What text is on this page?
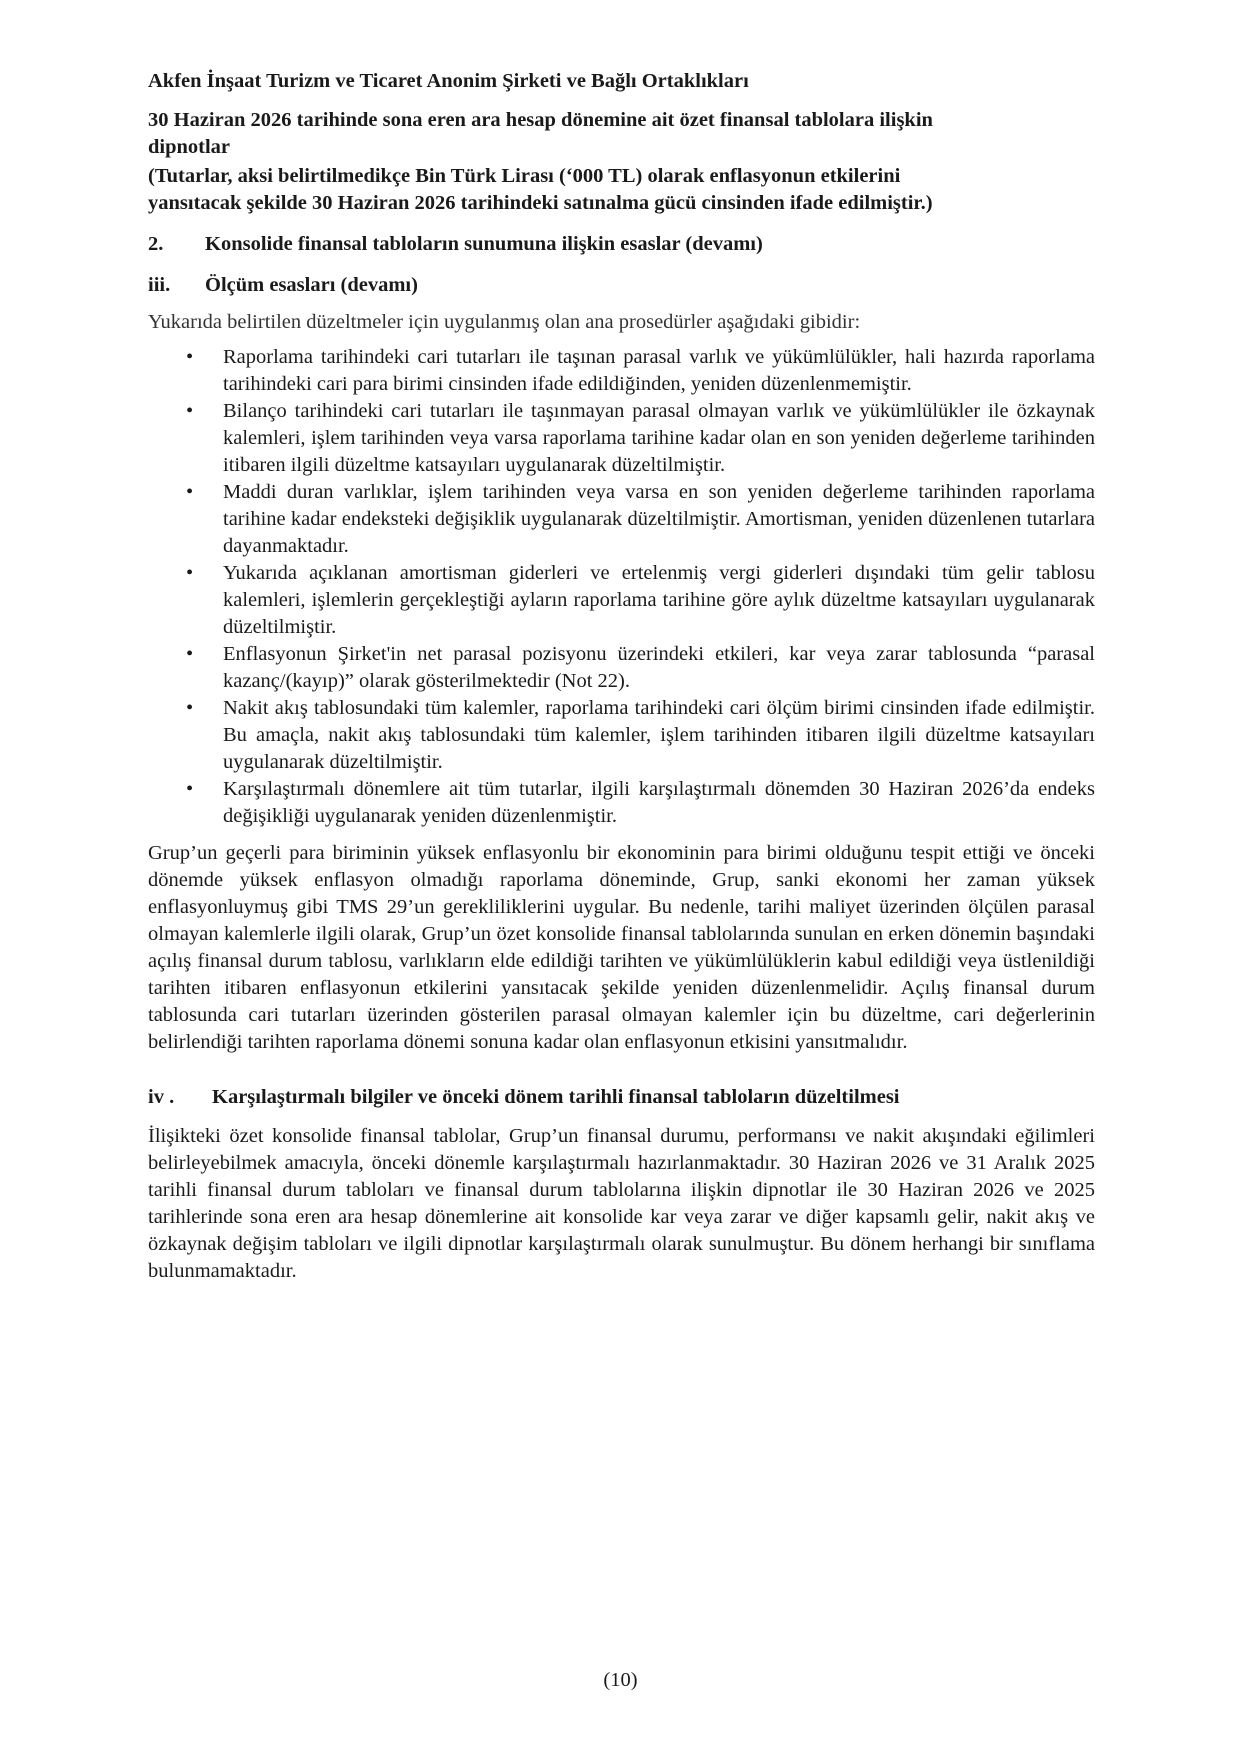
Akfen İnşaat Turizm ve Ticaret Anonim Şirketi ve Bağlı Ortaklıkları

30 Haziran 2026 tarihinde sona eren ara hesap dönemine ait özet finansal tablolara ilişkin
dipnotlar

(Tutarlar, aksi belirtilmedikçe Bin Türk Lirası (‘000 TL) olarak enflasyonun etkilerini

yansıtacak şekilde 30 Haziran 2026 tarihindeki satınalma gücü cinsinden ifade edilmiştir.)

2.	Konsolide finansal tabloların sunumuna ilişkin esaslar (devamı)
iii.	Ölçüm esasları (devamı)

Yukarıda belirtilen düzeltmeler için uygulanmış olan ana prosedürler aşağıdaki gibidir:

•	Raporlama tarihindeki cari tutarları ile taşınan parasal varlık ve yükümlülükler, hali hazırda raporlama tarihindeki cari para birimi cinsinden ifade edildiğinden, yeniden düzenlenmemiştir.
•	Bilanço tarihindeki cari tutarları ile taşınmayan parasal olmayan varlık ve yükümlülükler ile özkaynak kalemleri, işlem tarihinden veya varsa raporlama tarihine kadar olan en son yeniden değerleme tarihinden itibaren ilgili düzeltme katsayıları uygulanarak düzeltilmiştir.
•	Maddi duran varlıklar, işlem tarihinden veya varsa en son yeniden değerleme tarihinden raporlama tarihine kadar endeksteki değişiklik uygulanarak düzeltilmiştir. Amortisman, yeniden düzenlenen tutarlara dayanmaktadır.
•	Yukarıda açıklanan amortisman giderleri ve ertelenmiş vergi giderleri dışındaki tüm gelir tablosu kalemleri, işlemlerin gerçekleştiği ayların raporlama tarihine göre aylık düzeltme katsayıları uygulanarak düzeltilmiştir.
•	Enflasyonun Şirket'in net parasal pozisyonu üzerindeki etkileri, kar veya zarar tablosunda “parasal kazanç/(kayıp)” olarak gösterilmektedir (Not 22).
•	Nakit akış tablosundaki tüm kalemler, raporlama tarihindeki cari ölçüm birimi cinsinden ifade edilmiştir. Bu amaçla, nakit akış tablosundaki tüm kalemler, işlem tarihinden itibaren ilgili düzeltme katsayıları uygulanarak düzeltilmiştir.
•	Karşılaştırmalı dönemlere ait tüm tutarlar, ilgili karşılaştırmalı dönemden 30 Haziran 2026’da endeks değişikliği uygulanarak yeniden düzenlenmiştir.

Grup’un geçerli para biriminin yüksek enflasyonlu bir ekonominin para birimi olduğunu tespit ettiği ve önceki dönemde yüksek enflasyon olmadığı raporlama döneminde, Grup, sanki ekonomi her zaman yüksek enflasyonluymuş gibi TMS 29’un gerekliliklerini uygular. Bu nedenle, tarihi maliyet üzerinden ölçülen parasal olmayan kalemlerle ilgili olarak, Grup’un özet konsolide finansal tablolarında sunulan en erken dönemin başındaki açılış finansal durum tablosu, varlıkların elde edildiği tarihten ve yükümlülüklerin kabul edildiği veya üstlenildiği tarihten itibaren enflasyonun etkilerini yansıtacak şekilde yeniden düzenlenmelidir. Açılış finansal durum tablosunda cari tutarları üzerinden gösterilen parasal olmayan kalemler için bu düzeltme, cari değerlerinin belirlendiği tarihten raporlama dönemi sonuna kadar olan enflasyonun etkisini yansıtmalıdır.

iv .	Karşılaştırmalı bilgiler ve önceki dönem tarihli finansal tabloların düzeltilmesi

İlişikteki özet konsolide finansal tablolar, Grup’un finansal durumu, performansı ve nakit akışındaki eğilimleri belirleyebilmek amacıyla, önceki dönemle karşılaştırmalı hazırlanmaktadır. 30 Haziran 2026 ve 31 Aralık 2025 tarihli finansal durum tabloları ve finansal durum tablolarına ilişkin dipnotlar ile 30 Haziran 2026 ve 2025 tarihlerinde sona eren ara hesap dönemlerine ait konsolide kar veya zarar ve diğer kapsamlı gelir, nakit akış ve özkaynak değişim tabloları ve ilgili dipnotlar karşılaştırmalı olarak sunulmuştur. Bu dönem herhangi bir sınıflama bulunmamaktadır.

(10)
